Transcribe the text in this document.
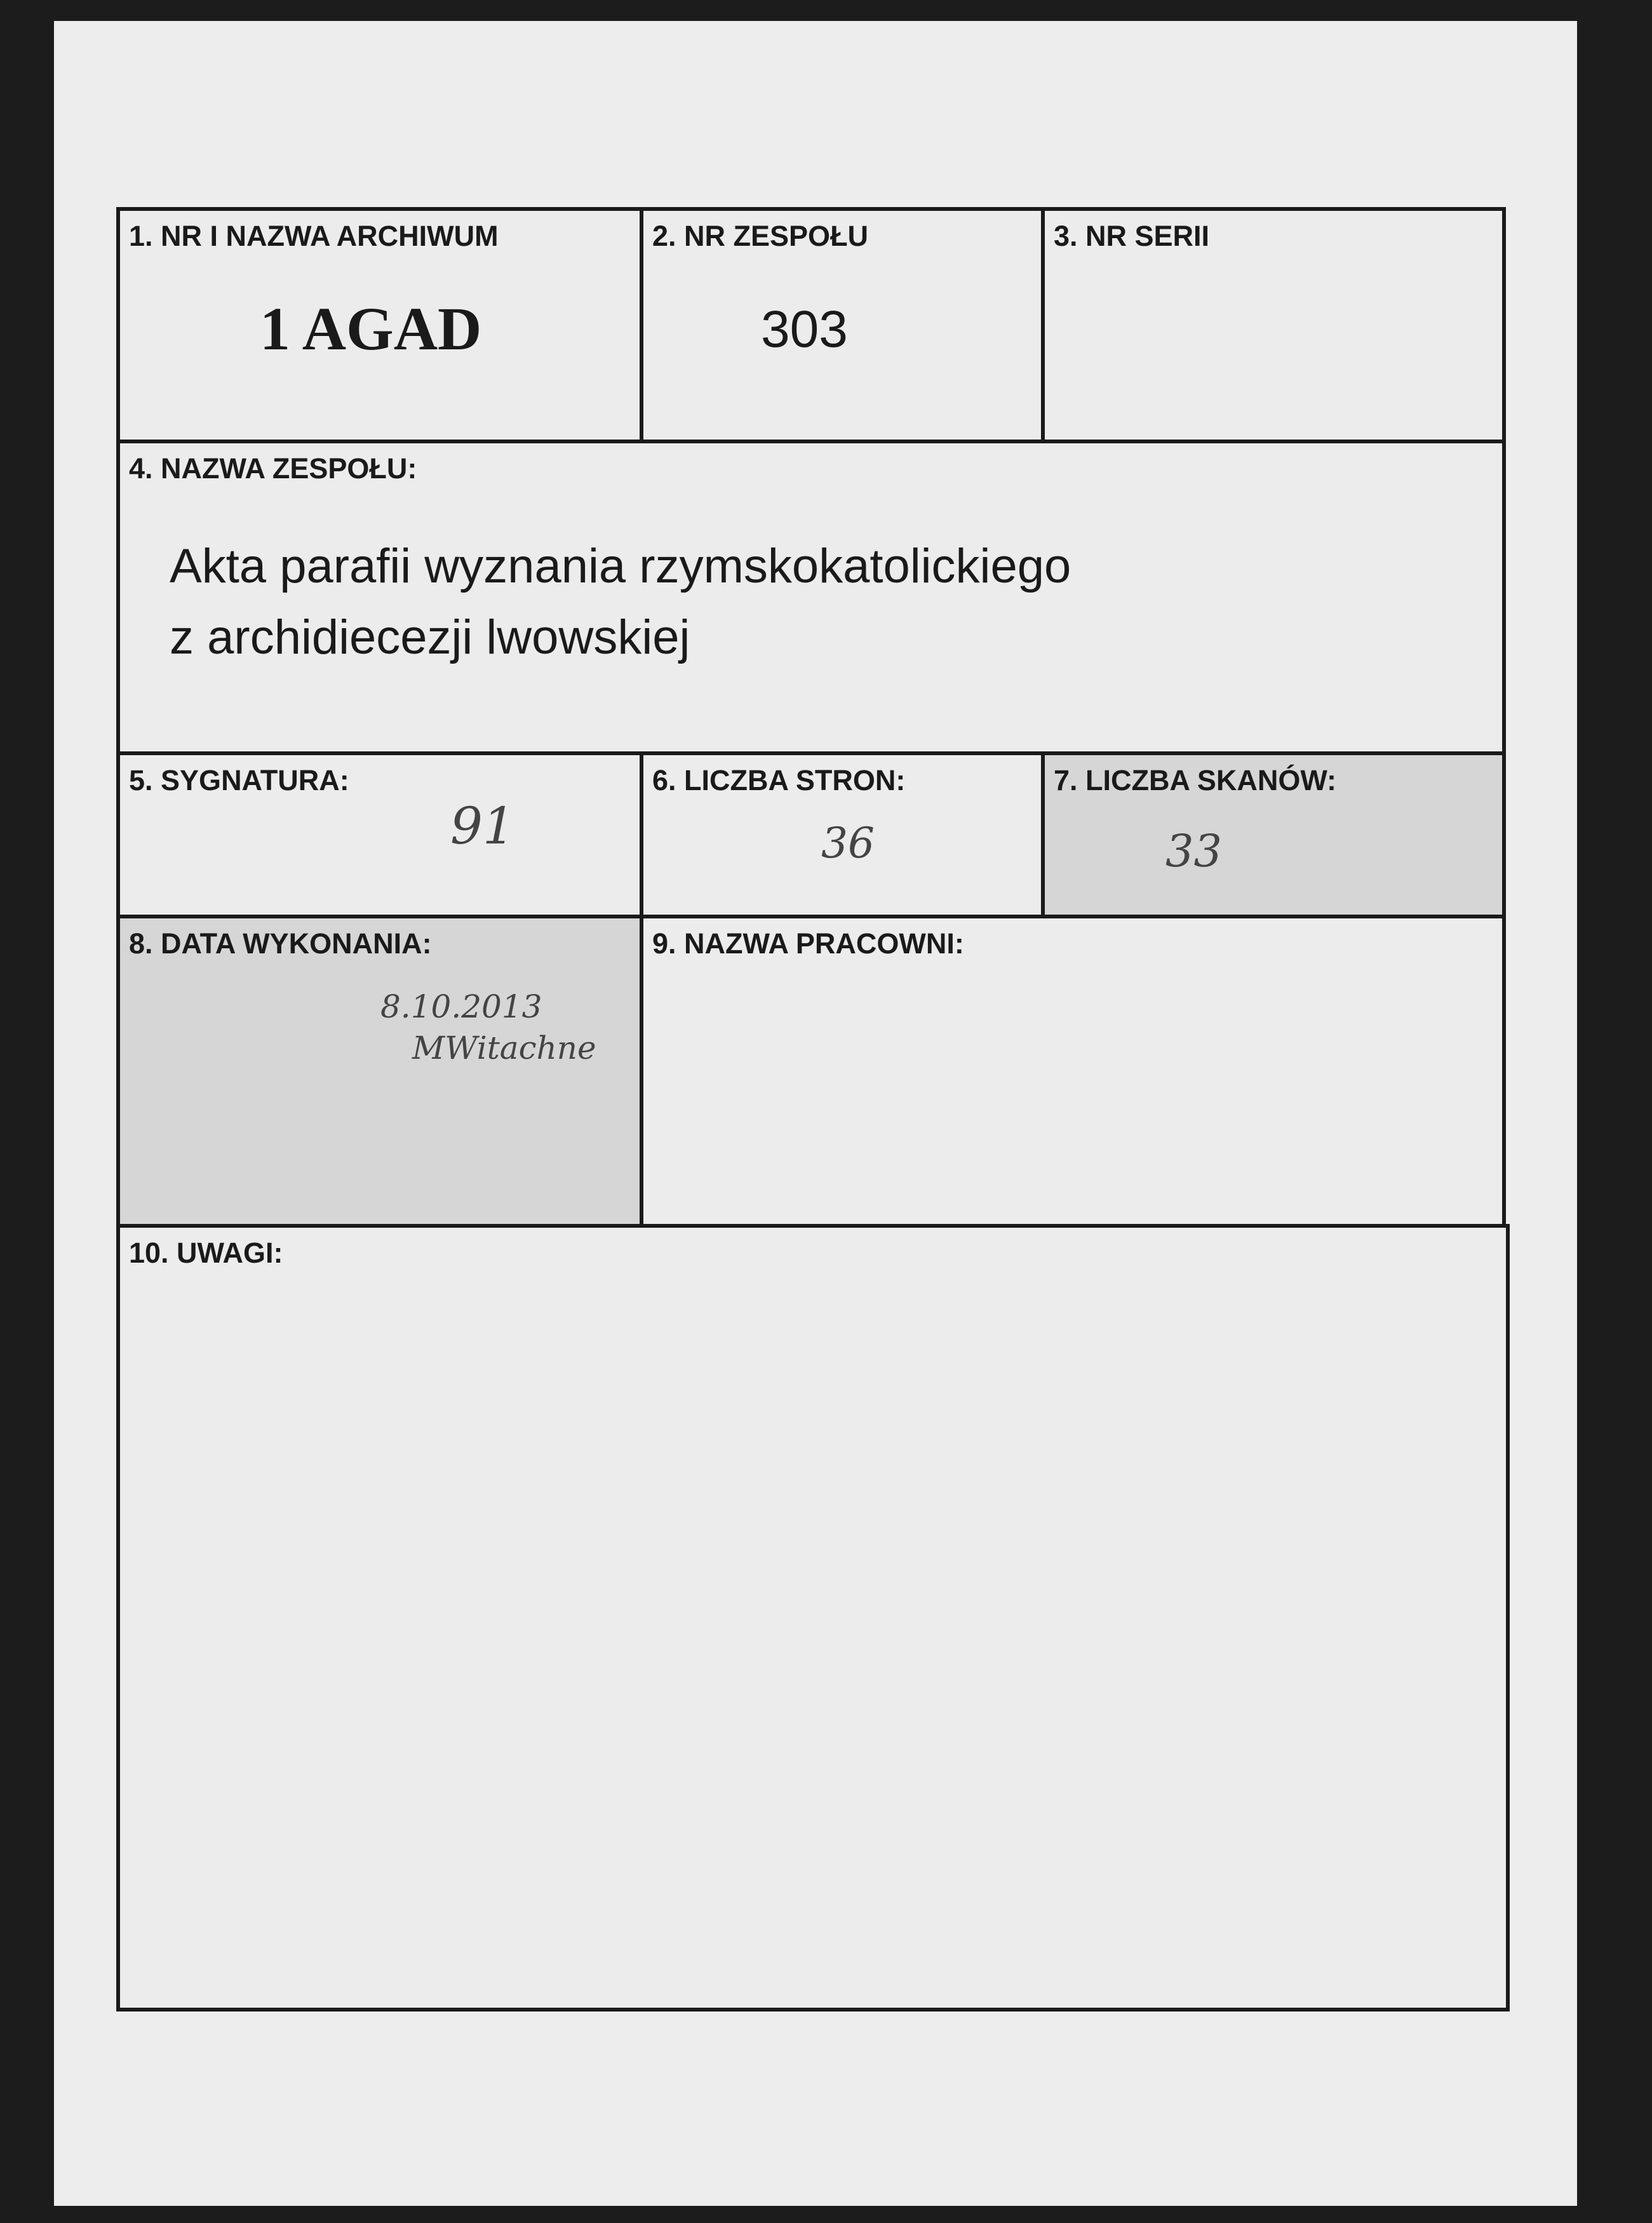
1. NR I NAZWA ARCHIWUM
1 AGAD
2. NR ZESPOŁU
303
3. NR SERII
4. NAZWA ZESPOŁU:
Akta parafii wyznania rzymskokatolickiego
z archidiecezji lwowskiej
5. SYGNATURA:
91
6. LICZBA STRON:
36
7. LICZBA SKANÓW:
33
8. DATA WYKONANIA:
8.10.2013
MWitachne
9. NAZWA PRACOWNI:
10. UWAGI:
